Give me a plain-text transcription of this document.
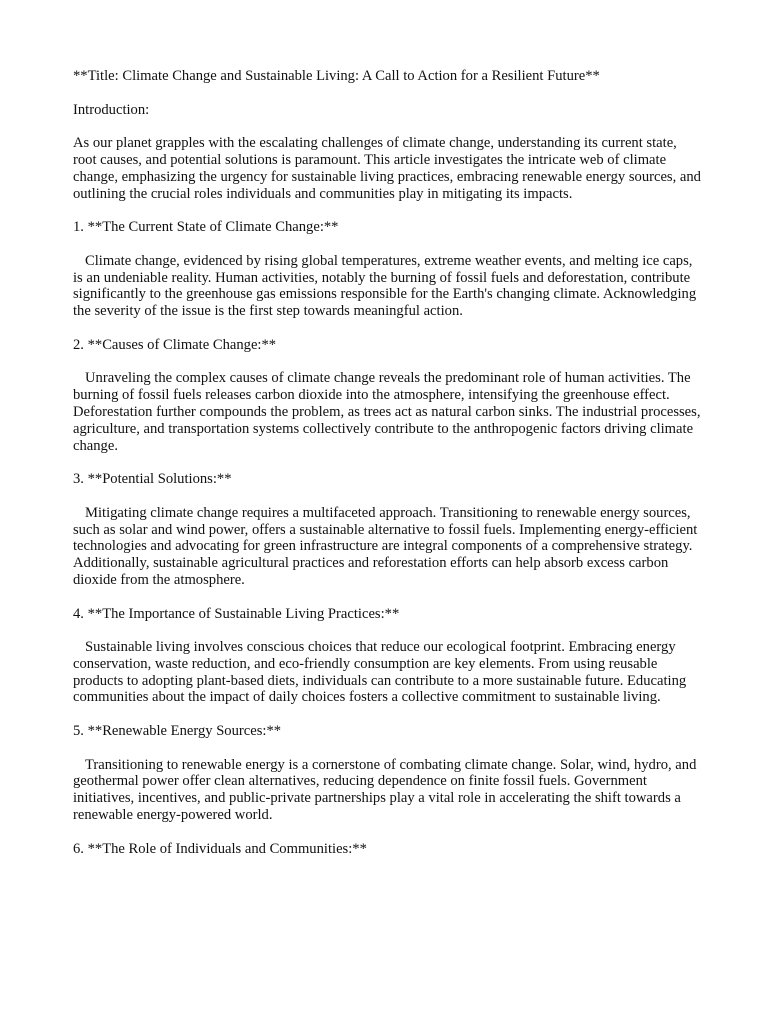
**Title: Climate Change and Sustainable Living: A Call to Action for a Resilient Future**

Introduction:

As our planet grapples with the escalating challenges of climate change, understanding its current state, root causes, and potential solutions is paramount. This article investigates the intricate web of climate change, emphasizing the urgency for sustainable living practices, embracing renewable energy sources, and outlining the crucial roles individuals and communities play in mitigating its impacts.

1. **The Current State of Climate Change:**

Climate change, evidenced by rising global temperatures, extreme weather events, and melting ice caps, is an undeniable reality. Human activities, notably the burning of fossil fuels and deforestation, contribute significantly to the greenhouse gas emissions responsible for the Earth's changing climate. Acknowledging the severity of the issue is the first step towards meaningful action.

2. **Causes of Climate Change:**

Unraveling the complex causes of climate change reveals the predominant role of human activities. The burning of fossil fuels releases carbon dioxide into the atmosphere, intensifying the greenhouse effect. Deforestation further compounds the problem, as trees act as natural carbon sinks. The industrial processes, agriculture, and transportation systems collectively contribute to the anthropogenic factors driving climate change.

3. **Potential Solutions:**

Mitigating climate change requires a multifaceted approach. Transitioning to renewable energy sources, such as solar and wind power, offers a sustainable alternative to fossil fuels. Implementing energy-efficient technologies and advocating for green infrastructure are integral components of a comprehensive strategy. Additionally, sustainable agricultural practices and reforestation efforts can help absorb excess carbon dioxide from the atmosphere.

4. **The Importance of Sustainable Living Practices:**

Sustainable living involves conscious choices that reduce our ecological footprint. Embracing energy conservation, waste reduction, and eco-friendly consumption are key elements. From using reusable products to adopting plant-based diets, individuals can contribute to a more sustainable future. Educating communities about the impact of daily choices fosters a collective commitment to sustainable living.

5. **Renewable Energy Sources:**

Transitioning to renewable energy is a cornerstone of combating climate change. Solar, wind, hydro, and geothermal power offer clean alternatives, reducing dependence on finite fossil fuels. Government initiatives, incentives, and public-private partnerships play a vital role in accelerating the shift towards a renewable energy-powered world.

6. **The Role of Individuals and Communities:**
